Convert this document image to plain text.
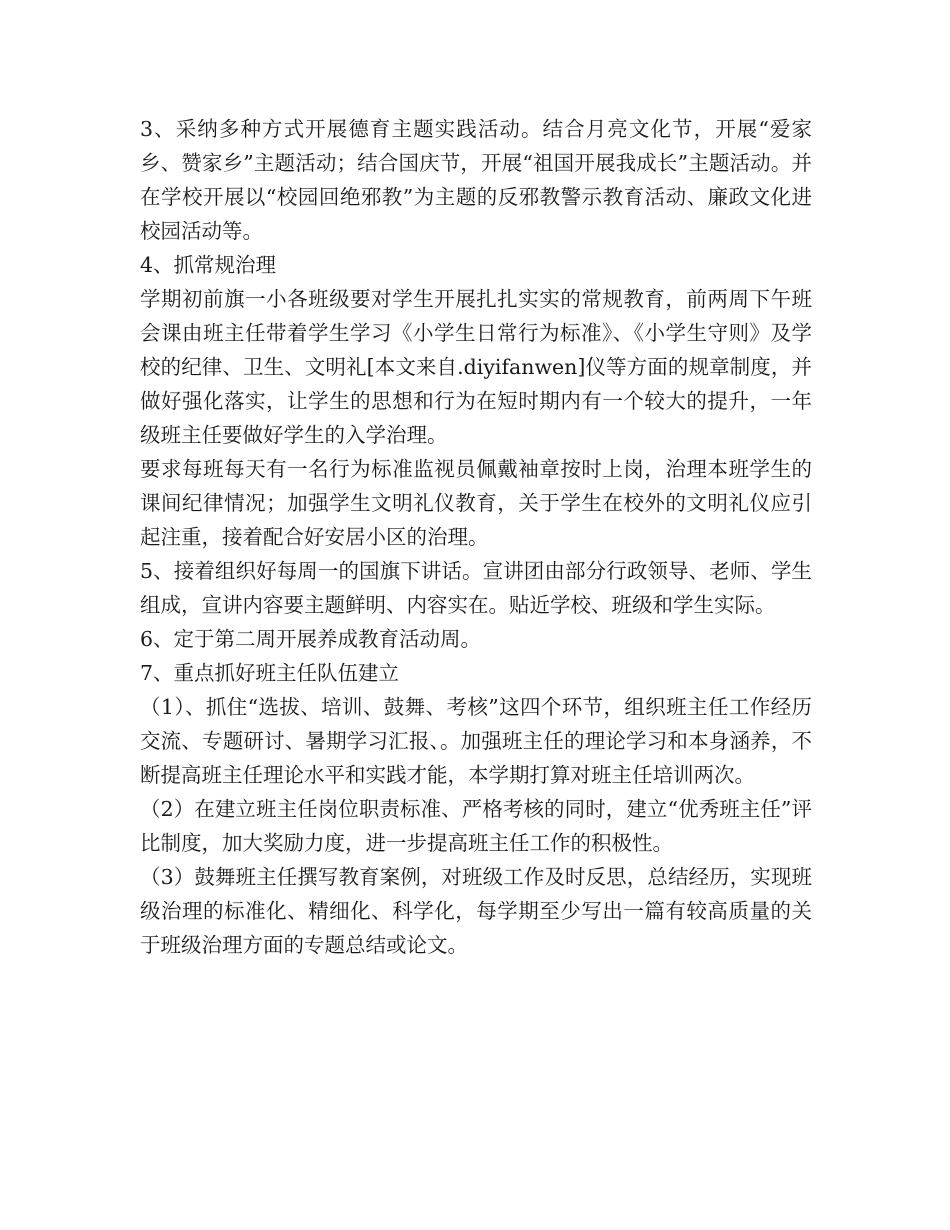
3、采纳多种方式开展德育主题实践活动。结合月亮文化节，开展“爱家乡、赞家乡”主题活动；结合国庆节，开展“祖国开展我成长”主题活动。并在学校开展以“校园回绝邪教”为主题的反邪教警示教育活动、廉政文化进校园活动等。

4、抓常规治理

学期初前旗一小各班级要对学生开展扎扎实实的常规教育，前两周下午班会课由班主任带着学生学习《小学生日常行为标准》、《小学生守则》及学校的纪律、卫生、文明礼[本文来自.diyifanwen]仪等方面的规章制度，并做好强化落实，让学生的思想和行为在短时期内有一个较大的提升，一年级班主任要做好学生的入学治理。

要求每班每天有一名行为标准监视员佩戴袖章按时上岗，治理本班学生的课间纪律情况；加强学生文明礼仪教育，关于学生在校外的文明礼仪应引起注重，接着配合好安居小区的治理。

5、接着组织好每周一的国旗下讲话。宣讲团由部分行政领导、老师、学生组成，宣讲内容要主题鲜明、内容实在。贴近学校、班级和学生实际。

6、定于第二周开展养成教育活动周。

7、重点抓好班主任队伍建立

（1）、抓住“选拔、培训、鼓舞、考核”这四个环节，组织班主任工作经历交流、专题研讨、暑期学习汇报、。加强班主任的理论学习和本身涵养，不断提高班主任理论水平和实践才能，本学期打算对班主任培训两次。

（2）在建立班主任岗位职责标准、严格考核的同时，建立“优秀班主任”评比制度，加大奖励力度，进一步提高班主任工作的积极性。

（3）鼓舞班主任撰写教育案例，对班级工作及时反思，总结经历，实现班级治理的标准化、精细化、科学化，每学期至少写出一篇有较高质量的关于班级治理方面的专题总结或论文。
